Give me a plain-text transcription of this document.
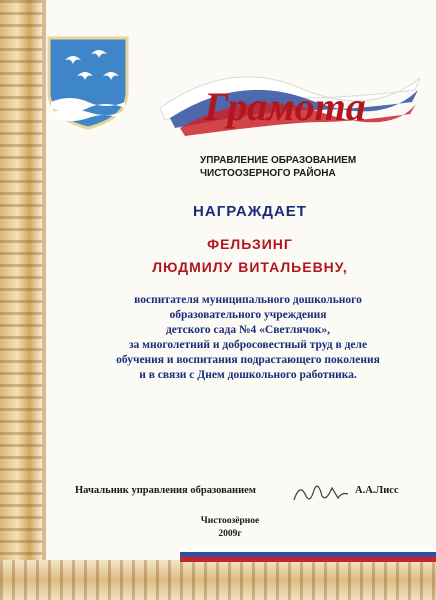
Грамота
УПРАВЛЕНИЕ ОБРАЗОВАНИЕМ
ЧИСТООЗЕРНОГО РАЙОНА
НАГРАЖДАЕТ
ФЕЛЬЗИНГ
ЛЮДМИЛУ ВИТАЛЬЕВНУ,
воспитателя муниципального дошкольного
образовательного учреждения
детского сада №4 «Светлячок»,
за многолетний и добросовестный труд в деле
обучения и воспитания подрастающего поколения
и в связи с Днем дошкольного работника.
Начальник управления образованием	А.А.Лисс
Чистоозёрное
2009г
